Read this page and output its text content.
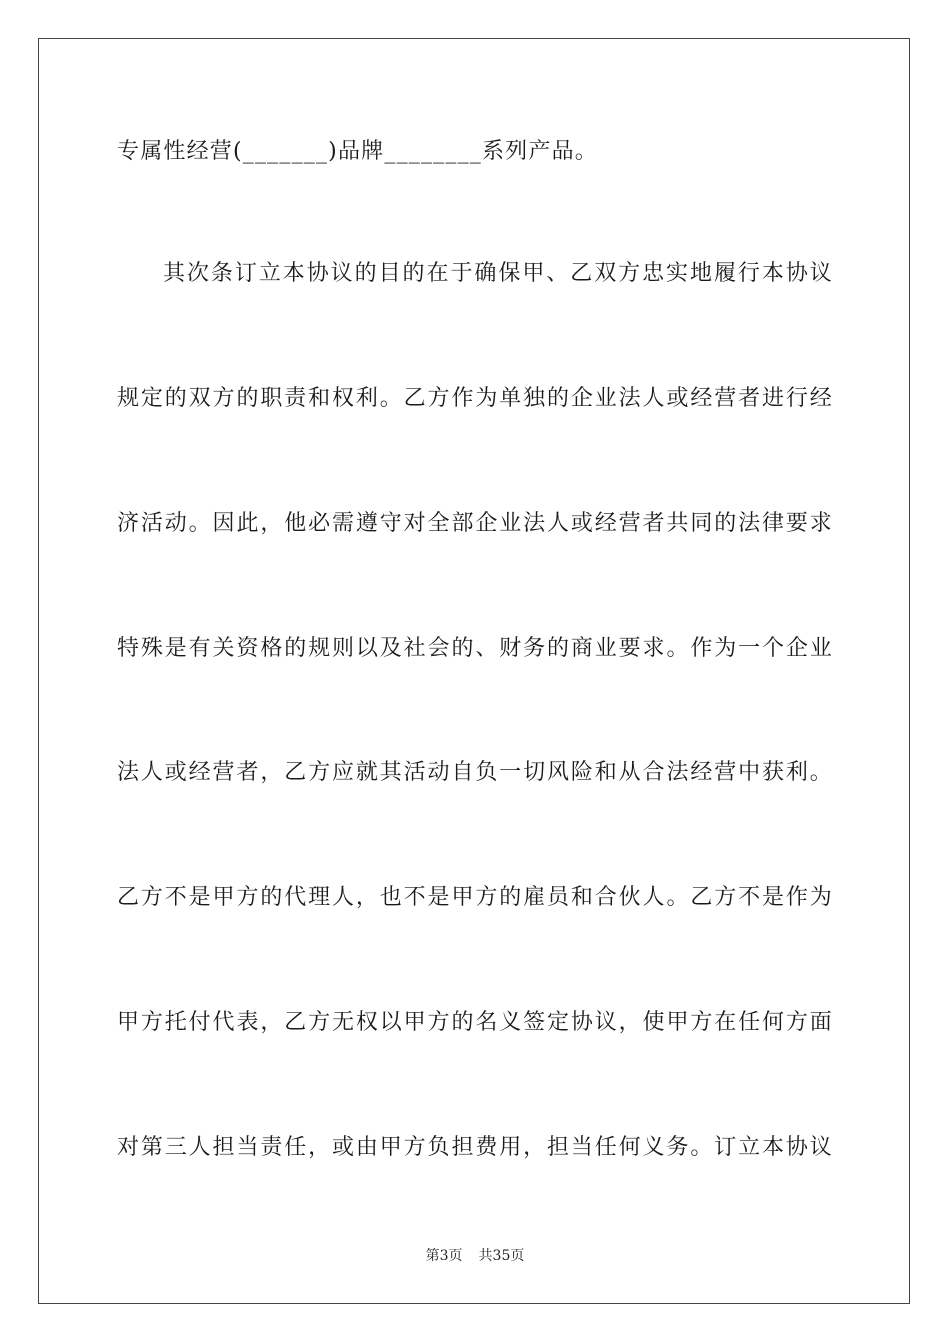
专属性经营(_______)品牌________系列产品。
其次条订立本协议的目的在于确保甲、乙双方忠实地履行本协议
规定的双方的职责和权利。乙方作为单独的企业法人或经营者进行经
济活动。因此，他必需遵守对全部企业法人或经营者共同的法律要求
特殊是有关资格的规则以及社会的、财务的商业要求。作为一个企业
法人或经营者，乙方应就其活动自负一切风险和从合法经营中获利。
乙方不是甲方的代理人，也不是甲方的雇员和合伙人。乙方不是作为
甲方托付代表，乙方无权以甲方的名义签定协议，使甲方在任何方面
对第三人担当责任，或由甲方负担费用，担当任何义务。订立本协议
第3页 共35页
